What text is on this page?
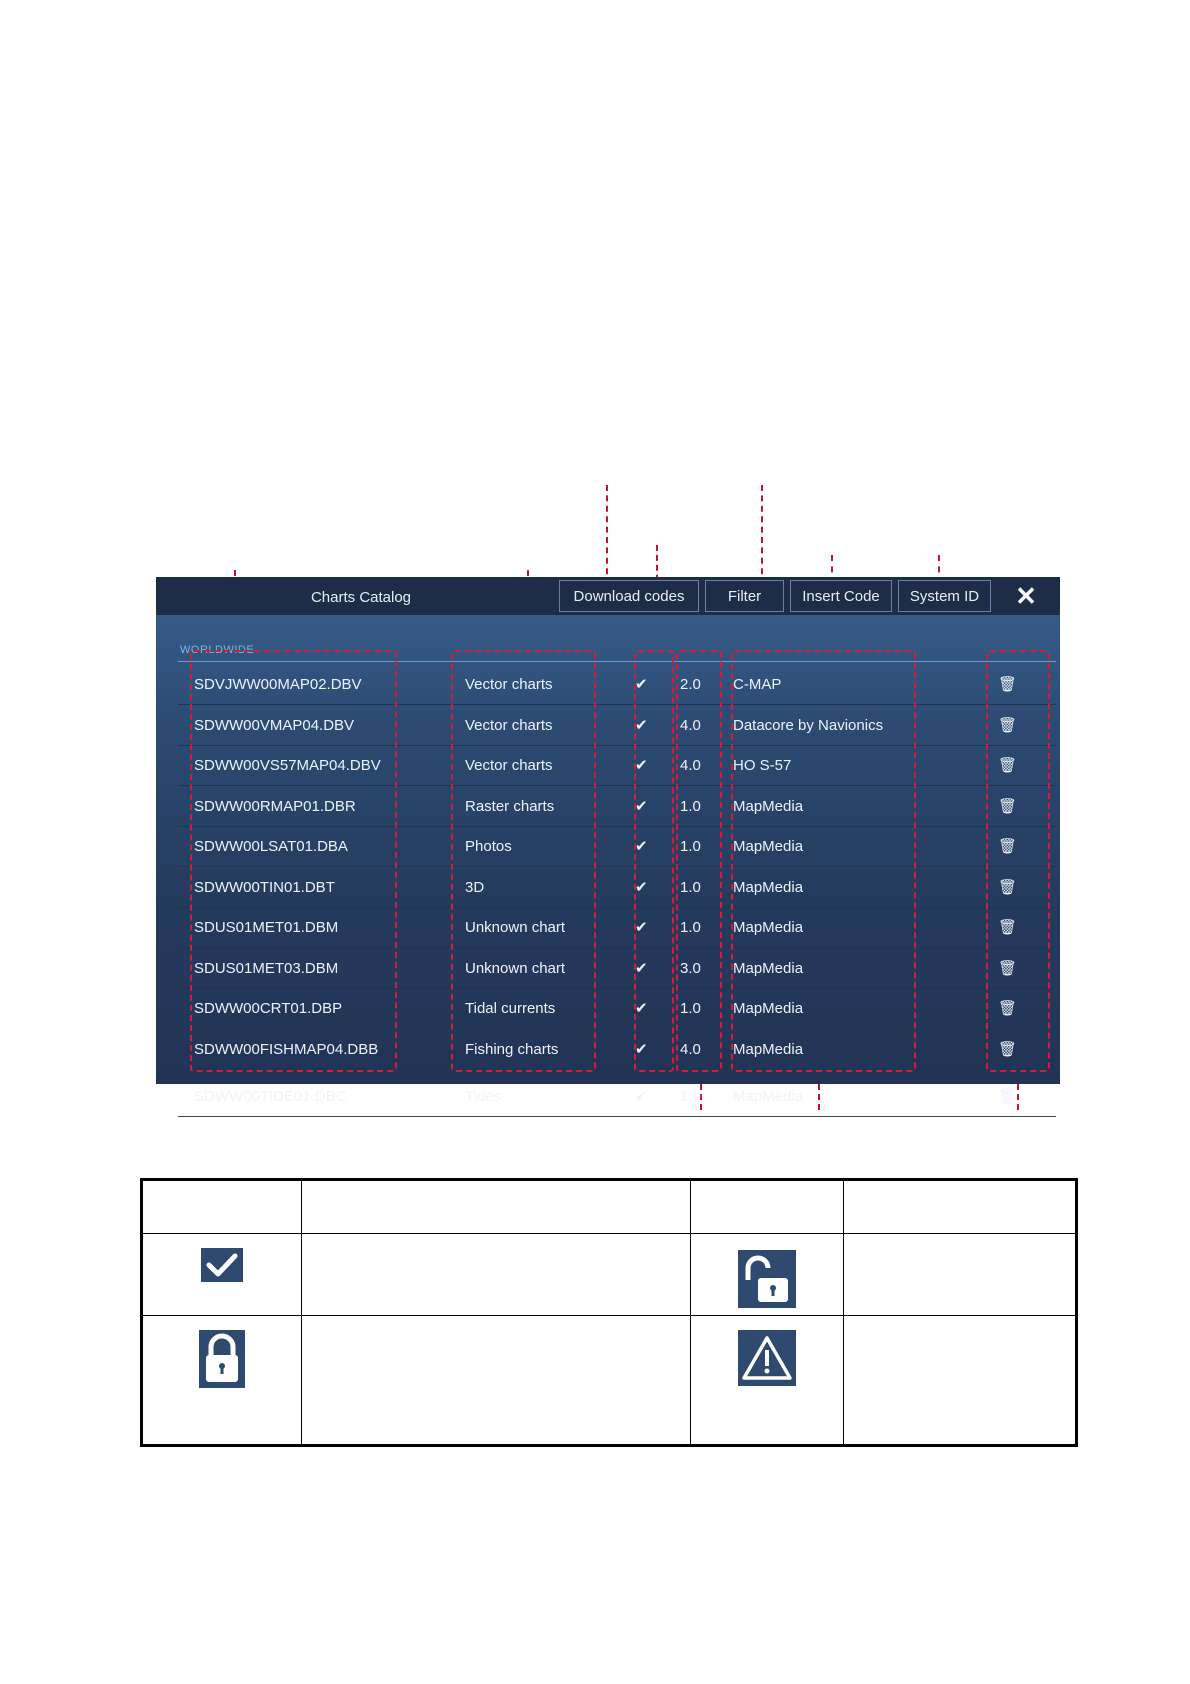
Charts Catalog	Download codes	Filter	Insert Code	System ID	✕
WORLDWIDE
SDVJWW00MAP02.DBV	Vector charts	✔	2.0 C-MAP	🗑
SDWW00VMAP04.DBV	Vector charts	✔	4.0 Datacore by Navionics	🗑
SDWW00VS57MAP04.DBV	Vector charts	✔	4.0 HO S-57	🗑
SDWW00RMAP01.DBR	Raster charts	✔	1.0 MapMedia	🗑
SDWW00LSAT01.DBA	Photos	✔	1.0 MapMedia	🗑
SDWW00TIN01.DBT	3D	✔	1.0 MapMedia	🗑
SDUS01MET01.DBM	Unknown chart	✔	1.0 MapMedia	🗑
SDUS01MET03.DBM	Unknown chart	✔	3.0 MapMedia	🗑
SDWW00CRT01.DBP	Tidal currents	✔	1.0 MapMedia	🗑
SDWW00FISHMAP04.DBB	Fishing charts	✔	4.0 MapMedia	🗑
SDWW00TIDE01.DBC	Tides	✔	1.0 MapMedia	🗑
